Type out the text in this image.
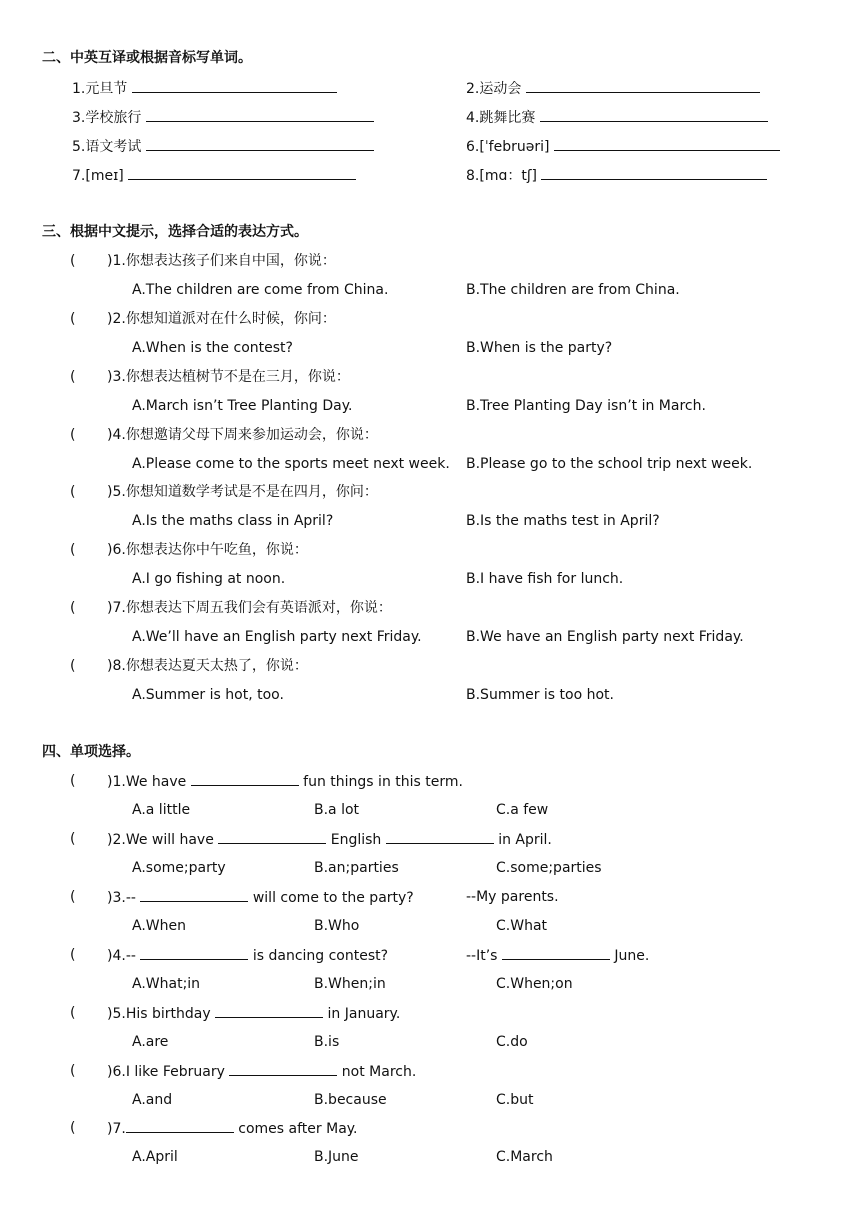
二、中英互译或根据音标写单词。
1.元旦节	2.运动会
3.学校旅行	4.跳舞比赛
5.语文考试	6.[ˈfebruəri]
7.[meɪ]	8.[mɑ：tʃ]
三、根据中文提示，选择合适的表达方式。
( )1.你想表达孩子们来自中国，你说：
A.The children are come from China.	B.The children are from China.
( )2.你想知道派对在什么时候，你问：
A.When is the contest?	B.When is the party?
( )3.你想表达植树节不是在三月，你说：
A.March isn’t Tree Planting Day.	B.Tree Planting Day isn’t in March.
( )4.你想邀请父母下周来参加运动会，你说：
A.Please come to the sports meet next week. B.Please go to the school trip next week.
( )5.你想知道数学考试是不是在四月，你问：
A.Is the maths class in April?	B.Is the maths test in April?
( )6.你想表达你中午吃鱼，你说：
A.I go fishing at noon.	B.I have fish for lunch.
( )7.你想表达下周五我们会有英语派对，你说：
A.We’ll have an English party next Friday.	B.We have an English party next Friday.
( )8.你想表达夏天太热了，你说：
A.Summer is hot, too.	B.Summer is too hot.
四、单项选择。
( )1.We have	fun things in this term.
A.a little	B.a lot	C.a few
( )2.We will have	English	in April.
A.some;party	B.an;parties	C.some;parties
( )3.--	will come to the party?	--My parents.
A.When	B.Who	C.What
( )4.--	is dancing contest?	--It’s	June.
A.What;in	B.When;in	C.When;on
( )5.His birthday	in January.
A.are	B.is	C.do
( )6.I like February	not March.
A.and	B.because	C.but
( )7.	comes after May.
A.April	B.June	C.March
